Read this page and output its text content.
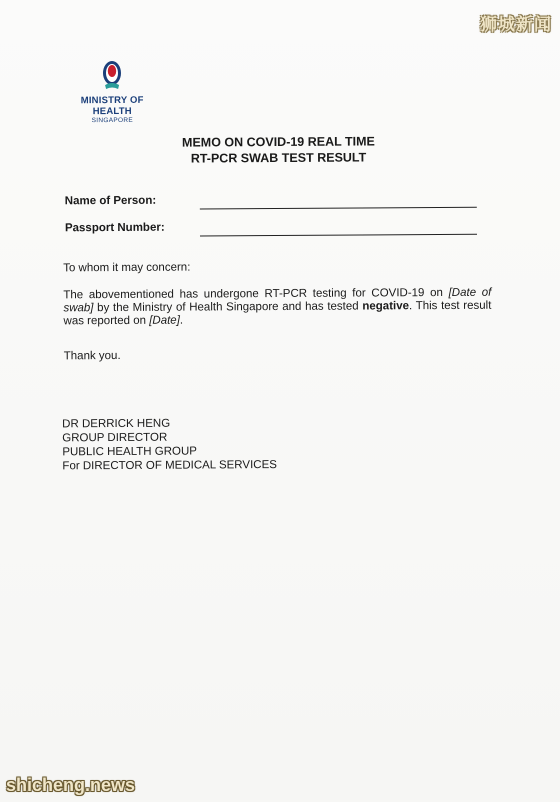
MINISTRY OF HEALTH
SINGAPORE
MEMO ON COVID-19 REAL TIME
RT-PCR SWAB TEST RESULT
Name of Person:
Passport Number:
To whom it may concern:
The abovementioned has undergone RT-PCR testing for COVID-19 on [Date of swab] by the Ministry of Health Singapore and has tested negative. This test result was reported on [Date].
Thank you.
DR DERRICK HENG
GROUP DIRECTOR
PUBLIC HEALTH GROUP
For DIRECTOR OF MEDICAL SERVICES
狮城新闻
shicheng.news
